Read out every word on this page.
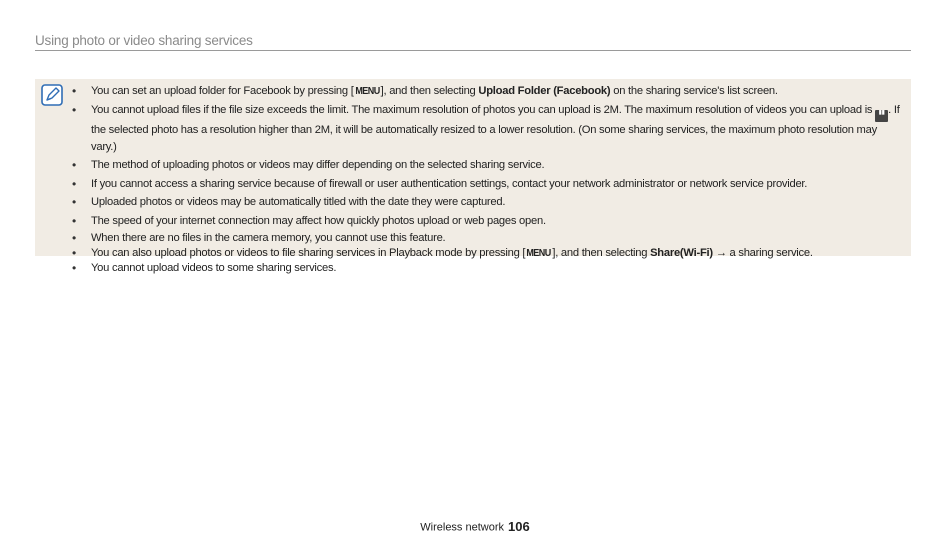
Using photo or video sharing services
• You can set an upload folder for Facebook by pressing [MENU], and then selecting Upload Folder (Facebook) on the sharing service's list screen.
• You cannot upload files if the file size exceeds the limit. The maximum resolution of photos you can upload is 2M. The maximum resolution of videos you can upload is ▮▮ . If the selected photo has a resolution higher than 2M, it will be automatically resized to a lower resolution. (On some sharing services, the maximum photo resolution may vary.)
• The method of uploading photos or videos may differ depending on the selected sharing service.
• If you cannot access a sharing service because of firewall or user authentication settings, contact your network administrator or network service provider.
• Uploaded photos or videos may be automatically titled with the date they were captured.
• The speed of your internet connection may affect how quickly photos upload or web pages open.
• When there are no files in the camera memory, you cannot use this feature.
• You can also upload photos or videos to file sharing services in Playback mode by pressing [MENU], and then selecting Share(Wi-Fi) → a sharing service.
• You cannot upload videos to some sharing services.
Wireless network 106
